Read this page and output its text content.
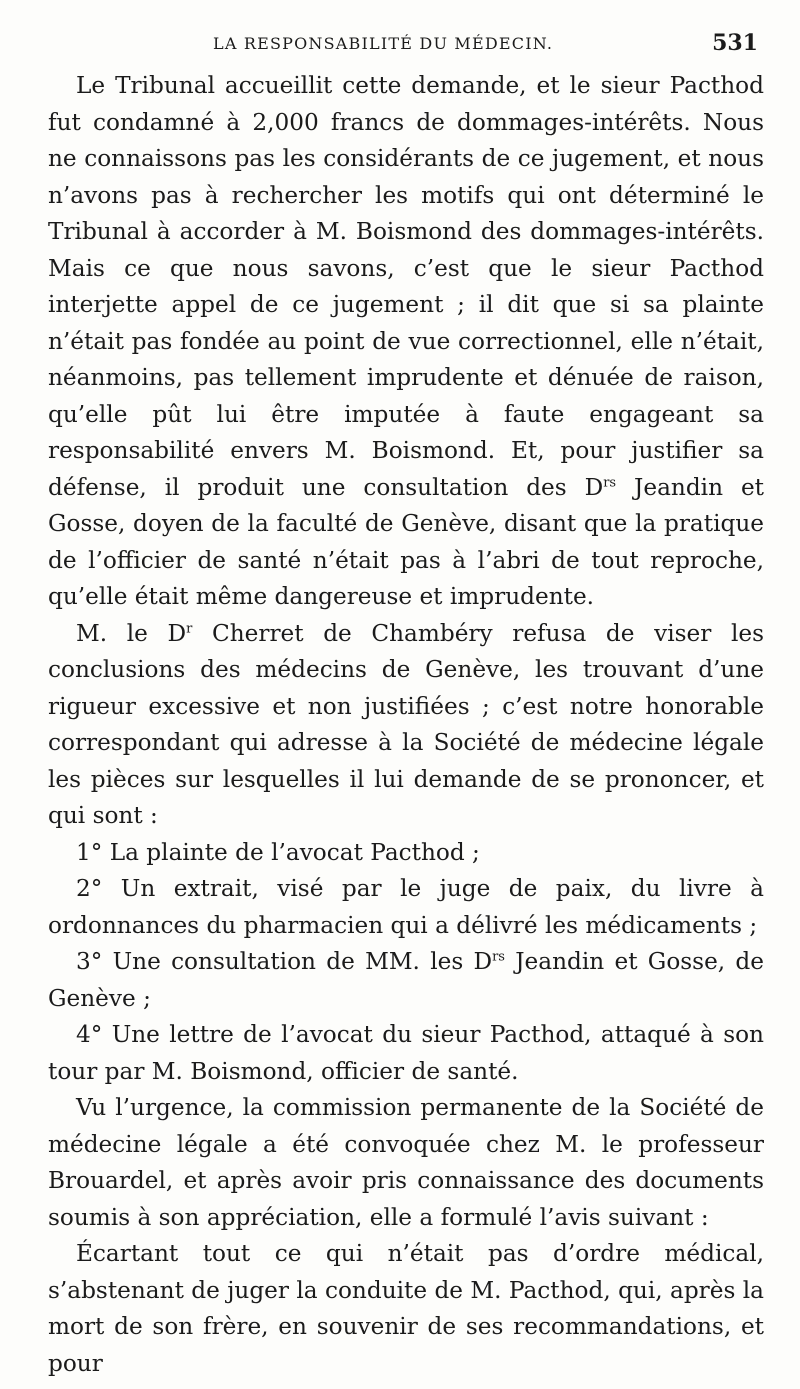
LA RESPONSABILITÉ DU MÉDECIN.	531

Le Tribunal accueillit cette demande, et le sieur Pacthod fut condamné à 2,000 francs de dommages-intérêts. Nous ne connaissons pas les considérants de ce jugement, et nous n’avons pas à rechercher les motifs qui ont déterminé le Tribunal à accorder à M. Boismond des dommages-intérêts. Mais ce que nous savons, c’est que le sieur Pacthod interjette appel de ce jugement ; il dit que si sa plainte n’était pas fondée au point de vue correctionnel, elle n’était, néanmoins, pas tellement imprudente et dénuée de raison, qu’elle pût lui être imputée à faute engageant sa responsabilité envers M. Boismond. Et, pour justifier sa défense, il produit une consultation des $D^{rs}$ Jeandin et Gosse, doyen de la faculté de Genève, disant que la pratique de l’officier de santé n’était pas à l’abri de tout reproche, qu’elle était même dangereuse et imprudente.

M. le $D^r$ Cherret de Chambéry refusa de viser les conclusions des médecins de Genève, les trouvant d’une rigueur excessive et non justifiées ; c’est notre honorable correspondant qui adresse à la Société de médecine légale les pièces sur lesquelles il lui demande de se prononcer, et qui sont :

1° La plainte de l’avocat Pacthod ;

2° Un extrait, visé par le juge de paix, du livre à ordonnances du pharmacien qui a délivré les médicaments ;

3° Une consultation de MM. les $D^{rs}$ Jeandin et Gosse, de Genève ;

4° Une lettre de l’avocat du sieur Pacthod, attaqué à son tour par M. Boismond, officier de santé.

Vu l’urgence, la commission permanente de la Société de médecine légale a été convoquée chez M. le professeur Brouardel, et après avoir pris connaissance des documents soumis à son appréciation, elle a formulé l’avis suivant :

Écartant tout ce qui n’était pas d’ordre médical, s’abstenant de juger la conduite de M. Pacthod, qui, après la mort de son frère, en souvenir de ses recommandations, et pour
